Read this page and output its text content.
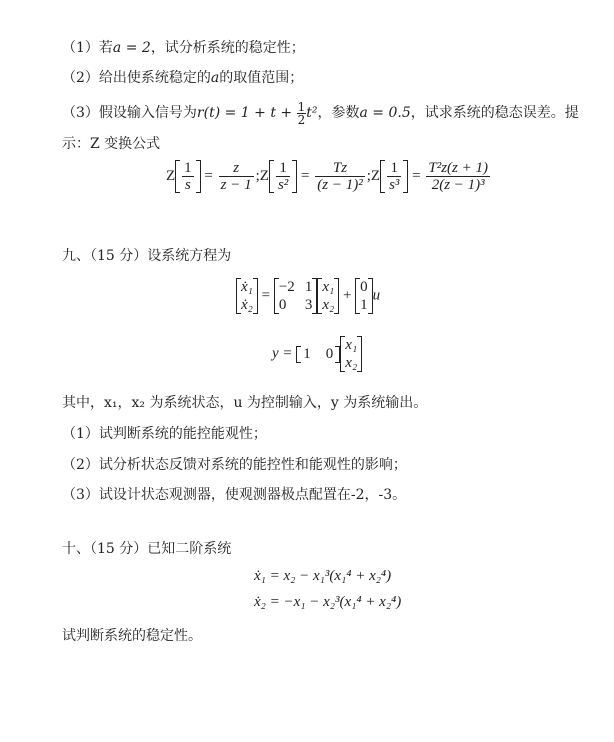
（1）若a = 2，试分析系统的稳定性；
（2）给出使系统稳定的a的取值范围；
（3）假设输入信号为$r(t) = 1 + t + \frac{1}{2} t^2$，参数a = 0.5，试求系统的稳态误差。提
示：Z 变换公式
Z $\frac{1}{s} = \frac{z}{z - 1}$ ;Z $\frac{1}{\text{s²}} = \frac{Tz}{\text{(z − 1)²}}$ ;Z $\frac{1}{\text{s³}} = \frac{\text{T²z(z + 1)}}{\text{2(z − 1)³}}$
九、（15 分）设系统方程为
ẋ₁
ẋ₂
=
−2 1
0 3
x₁
x₂
+
0
1
u
y = 1 0
x₁
x₂
其中，x₁，x₂ 为系统状态，u 为控制输入，y 为系统输出。
（1）试判断系统的能控能观性；
（2）试分析状态反馈对系统的能控性和能观性的影响；
（3）试设计状态观测器，使观测器极点配置在-2，-3。
十、（15 分）已知二阶系统
ẋ₁ = x₂ − x₁³(x₁⁴ + x₂⁴)
ẋ₂ = −x₁ − x₂³(x₁⁴ + x₂⁴)
试判断系统的稳定性。
